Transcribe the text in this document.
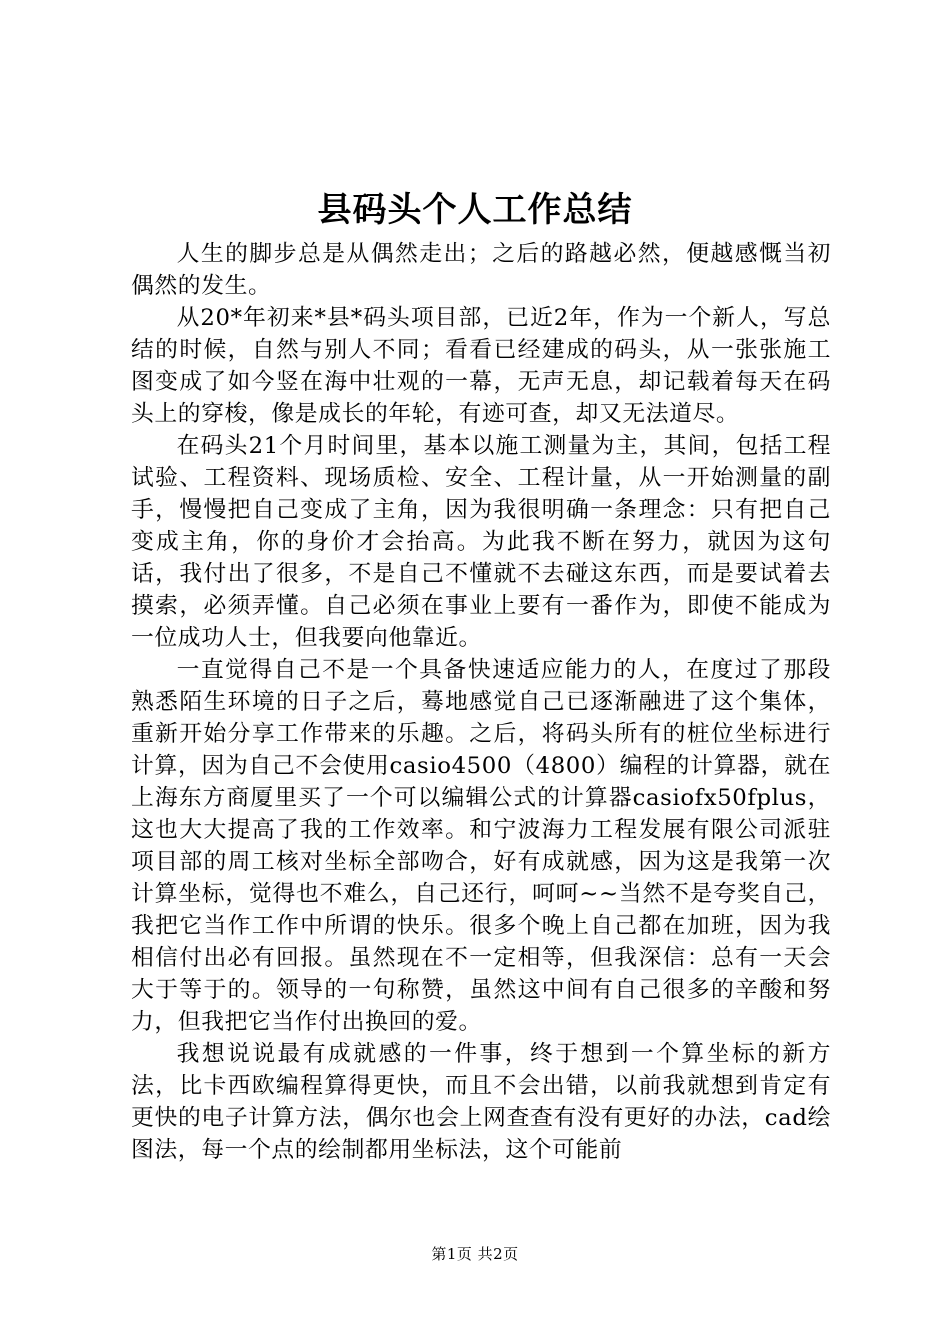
县码头个人工作总结

人生的脚步总是从偶然走出；之后的路越必然，便越感慨当初偶然的发生。

从20*年初来*县*码头项目部，已近2年，作为一个新人，写总结的时候，自然与别人不同；看看已经建成的码头，从一张张施工图变成了如今竖在海中壮观的一幕，无声无息，却记载着每天在码头上的穿梭，像是成长的年轮，有迹可查，却又无法道尽。

在码头21个月时间里，基本以施工测量为主，其间，包括工程试验、工程资料、现场质检、安全、工程计量，从一开始测量的副手，慢慢把自己变成了主角，因为我很明确一条理念：只有把自己变成主角，你的身价才会抬高。为此我不断在努力，就因为这句话，我付出了很多，不是自己不懂就不去碰这东西，而是要试着去摸索，必须弄懂。自己必须在事业上要有一番作为，即使不能成为一位成功人士，但我要向他靠近。

一直觉得自己不是一个具备快速适应能力的人，在度过了那段熟悉陌生环境的日子之后，蓦地感觉自己已逐渐融进了这个集体，重新开始分享工作带来的乐趣。之后，将码头所有的桩位坐标进行计算，因为自己不会使用casio4500（4800）编程的计算器，就在上海东方商厦里买了一个可以编辑公式的计算器casiofx50fplus，这也大大提高了我的工作效率。和宁波海力工程发展有限公司派驻项目部的周工核对坐标全部吻合，好有成就感，因为这是我第一次计算坐标，觉得也不难么，自己还行，呵呵~~当然不是夸奖自己，我把它当作工作中所谓的快乐。很多个晚上自己都在加班，因为我相信付出必有回报。虽然现在不一定相等，但我深信：总有一天会大于等于的。领导的一句称赞，虽然这中间有自己很多的辛酸和努力，但我把它当作付出换回的爱。

我想说说最有成就感的一件事，终于想到一个算坐标的新方法，比卡西欧编程算得更快，而且不会出错，以前我就想到肯定有更快的电子计算方法，偶尔也会上网查查有没有更好的办法，cad绘图法，每一个点的绘制都用坐标法，这个可能前

第1页 共2页
